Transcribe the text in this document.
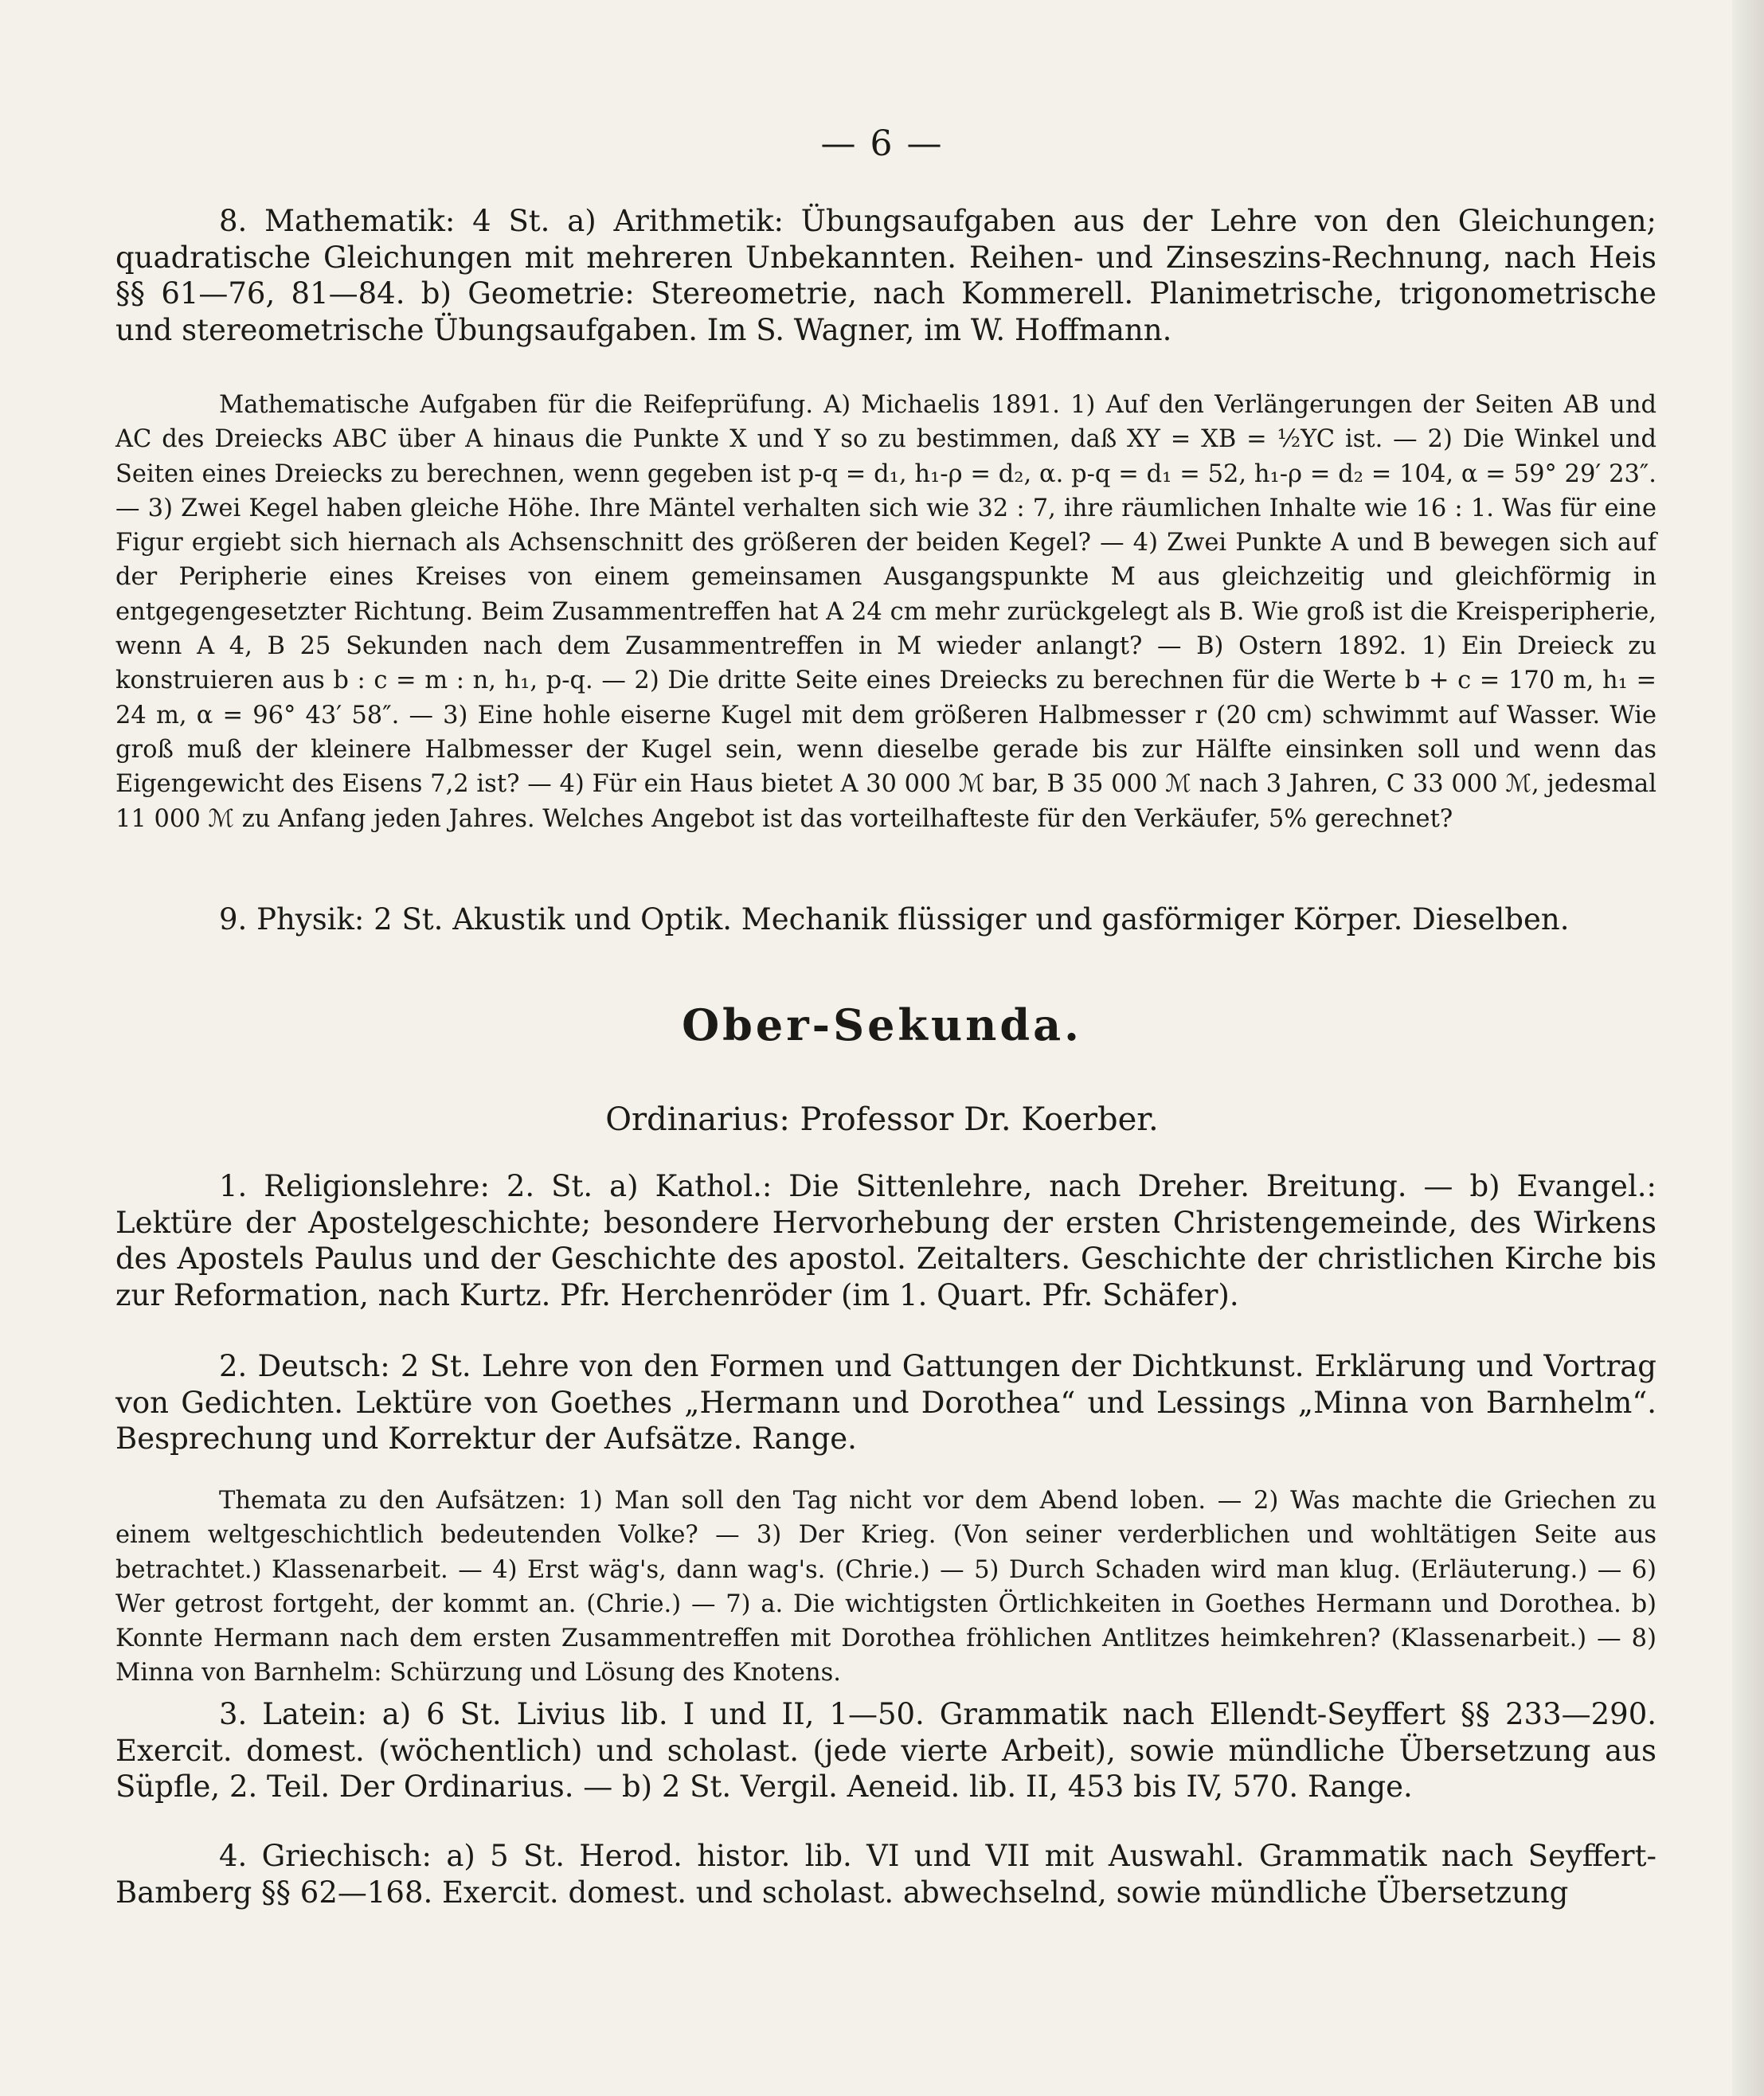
— 6 —

8. Mathematik: 4 St. a) Arithmetik: Übungsaufgaben aus der Lehre von den Gleichungen; quadratische Gleichungen mit mehreren Unbekannten. Reihen- und Zinseszins-Rechnung, nach Heis §§ 61—76, 81—84. b) Geometrie: Stereometrie, nach Kommerell. Planimetrische, trigonometrische und stereometrische Übungsaufgaben. Im S. Wagner, im W. Hoffmann.

Mathematische Aufgaben für die Reifeprüfung. A) Michaelis 1891. 1) Auf den Verlängerungen der Seiten AB und AC des Dreiecks ABC über A hinaus die Punkte X und Y so zu bestimmen, daß XY = XB = ½YC ist. — 2) Die Winkel und Seiten eines Dreiecks zu berechnen, wenn gegeben ist p-q = d₁, h₁-ρ = d₂, α. p-q = d₁ = 52, h₁-ρ = d₂ = 104, α = 59° 29′ 23″. — 3) Zwei Kegel haben gleiche Höhe. Ihre Mäntel verhalten sich wie 32 : 7, ihre räumlichen Inhalte wie 16 : 1. Was für eine Figur ergiebt sich hiernach als Achsenschnitt des größeren der beiden Kegel? — 4) Zwei Punkte A und B bewegen sich auf der Peripherie eines Kreises von einem gemeinsamen Ausgangspunkte M aus gleichzeitig und gleichförmig in entgegengesetzter Richtung. Beim Zusammentreffen hat A 24 cm mehr zurückgelegt als B. Wie groß ist die Kreisperipherie, wenn A 4, B 25 Sekunden nach dem Zusammentreffen in M wieder anlangt? — B) Ostern 1892. 1) Ein Dreieck zu konstruieren aus b : c = m : n, h₁, p-q. — 2) Die dritte Seite eines Dreiecks zu berechnen für die Werte b + c = 170 m, h₁ = 24 m, α = 96° 43′ 58″. — 3) Eine hohle eiserne Kugel mit dem größeren Halbmesser r (20 cm) schwimmt auf Wasser. Wie groß muß der kleinere Halbmesser der Kugel sein, wenn dieselbe gerade bis zur Hälfte einsinken soll und wenn das Eigengewicht des Eisens 7,2 ist? — 4) Für ein Haus bietet A 30 000 ℳ bar, B 35 000 ℳ nach 3 Jahren, C 33 000 ℳ, jedesmal 11 000 ℳ zu Anfang jeden Jahres. Welches Angebot ist das vorteilhafteste für den Verkäufer, 5% gerechnet?

9. Physik: 2 St. Akustik und Optik. Mechanik flüssiger und gasförmiger Körper. Dieselben.

Ober-Sekunda.
Ordinarius: Professor Dr. Koerber.

1. Religionslehre: 2. St. a) Kathol.: Die Sittenlehre, nach Dreher. Breitung. — b) Evangel.: Lektüre der Apostelgeschichte; besondere Hervorhebung der ersten Christengemeinde, des Wirkens des Apostels Paulus und der Geschichte des apostol. Zeitalters. Geschichte der christlichen Kirche bis zur Reformation, nach Kurtz. Pfr. Herchenröder (im 1. Quart. Pfr. Schäfer).

2. Deutsch: 2 St. Lehre von den Formen und Gattungen der Dichtkunst. Erklärung und Vortrag von Gedichten. Lektüre von Goethes „Hermann und Dorothea“ und Lessings „Minna von Barnhelm“. Besprechung und Korrektur der Aufsätze. Range.

Themata zu den Aufsätzen: 1) Man soll den Tag nicht vor dem Abend loben. — 2) Was machte die Griechen zu einem weltgeschichtlich bedeutenden Volke? — 3) Der Krieg. (Von seiner verderblichen und wohltätigen Seite aus betrachtet.) Klassenarbeit. — 4) Erst wäg's, dann wag's. (Chrie.) — 5) Durch Schaden wird man klug. (Erläuterung.) — 6) Wer getrost fortgeht, der kommt an. (Chrie.) — 7) a. Die wichtigsten Örtlichkeiten in Goethes Hermann und Dorothea. b) Konnte Hermann nach dem ersten Zusammentreffen mit Dorothea fröhlichen Antlitzes heimkehren? (Klassenarbeit.) — 8) Minna von Barnhelm: Schürzung und Lösung des Knotens.

3. Latein: a) 6 St. Livius lib. I und II, 1—50. Grammatik nach Ellendt-Seyffert §§ 233—290. Exercit. domest. (wöchentlich) und scholast. (jede vierte Arbeit), sowie mündliche Übersetzung aus Süpfle, 2. Teil. Der Ordinarius. — b) 2 St. Vergil. Aeneid. lib. II, 453 bis IV, 570. Range.

4. Griechisch: a) 5 St. Herod. histor. lib. VI und VII mit Auswahl. Grammatik nach Seyffert-Bamberg §§ 62—168. Exercit. domest. und scholast. abwechselnd, sowie mündliche Übersetzung
